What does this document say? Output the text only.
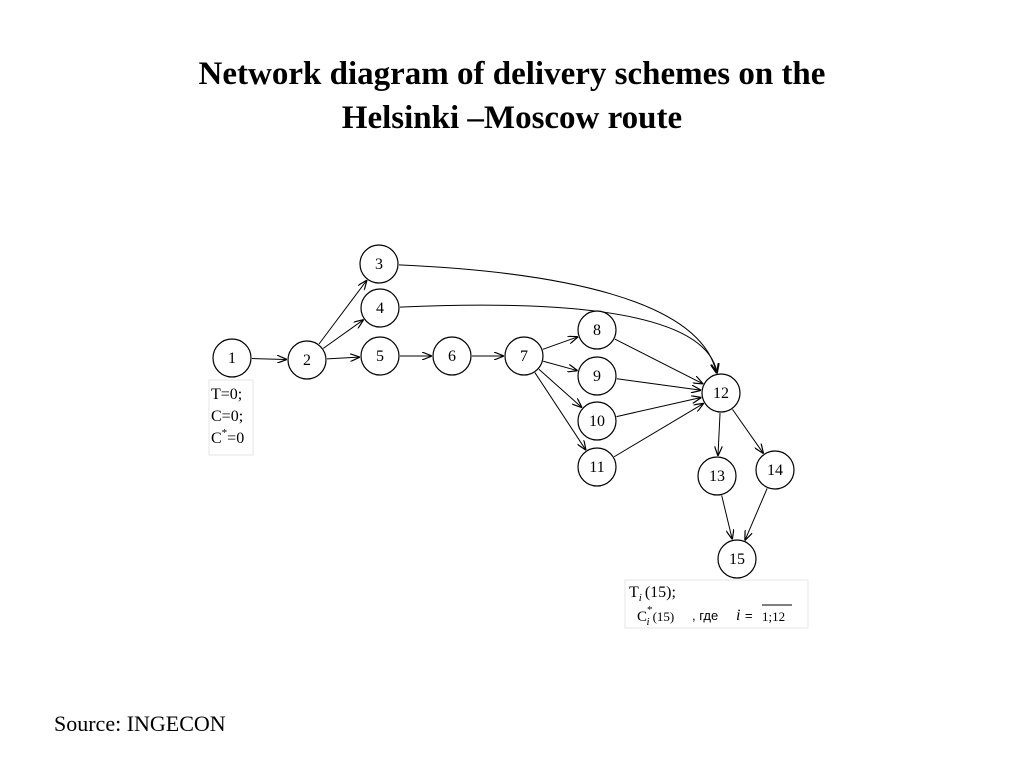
Network diagram of delivery schemes on the
Helsinki –Moscow route
1	2
3
4
5	6	7
8
9
10
11
12
13	14
15
T=0;
C=0;
C*=0
$T_i$ (15);
C* i (15) , где i = 1;12
Source: INGECON
